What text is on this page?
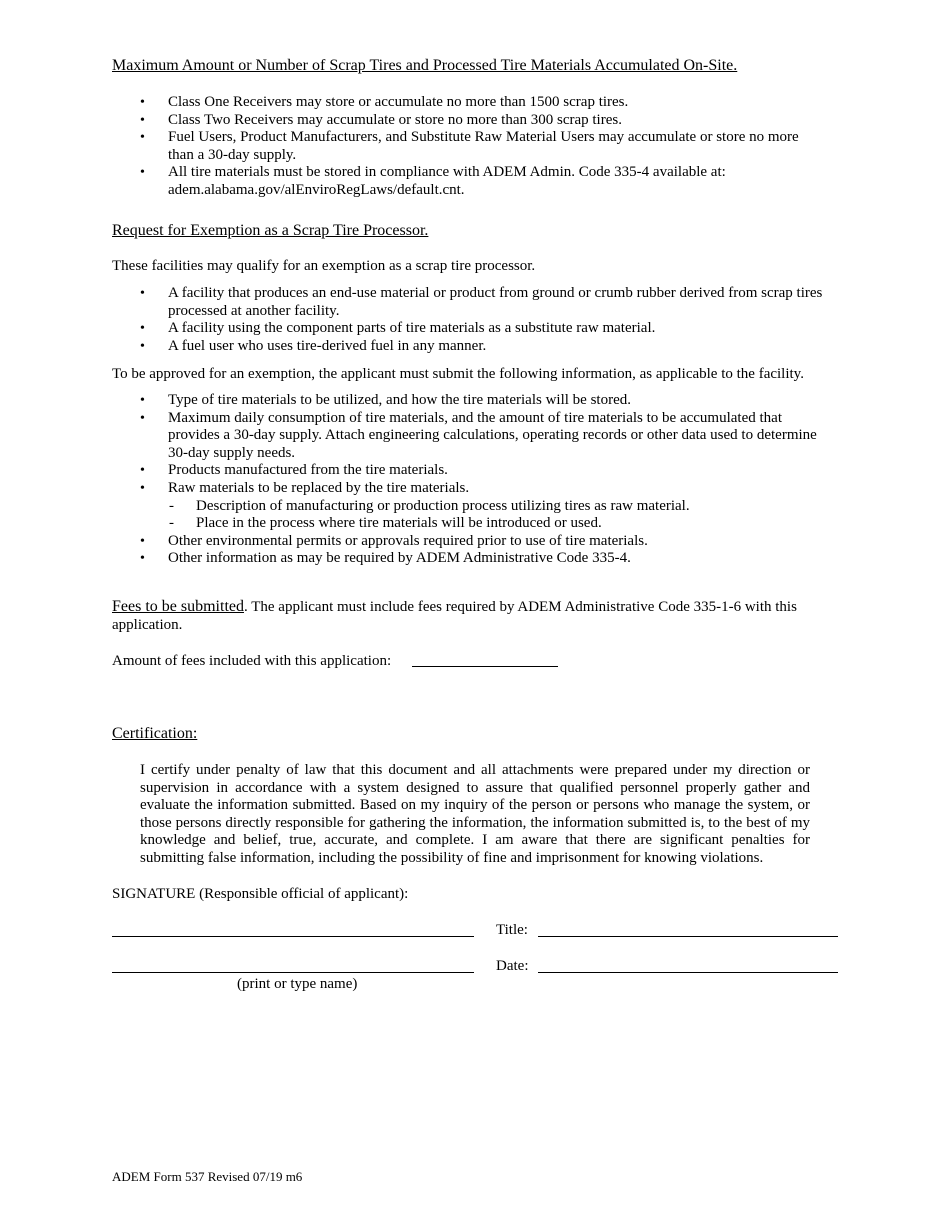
Maximum Amount or Number of Scrap Tires and Processed Tire Materials Accumulated On-Site.
• Class One Receivers may store or accumulate no more than 1500 scrap tires.
• Class Two Receivers may accumulate or store no more than 300 scrap tires.
• Fuel Users, Product Manufacturers, and Substitute Raw Material Users may accumulate or store no more than a 30-day supply.
• All tire materials must be stored in compliance with ADEM Admin. Code 335-4 available at: adem.alabama.gov/alEnviroRegLaws/default.cnt.
Request for Exemption as a Scrap Tire Processor.
These facilities may qualify for an exemption as a scrap tire processor.
• A facility that produces an end-use material or product from ground or crumb rubber derived from scrap tires processed at another facility.
• A facility using the component parts of tire materials as a substitute raw material.
• A fuel user who uses tire-derived fuel in any manner.
To be approved for an exemption, the applicant must submit the following information, as applicable to the facility.
• Type of tire materials to be utilized, and how the tire materials will be stored.
• Maximum daily consumption of tire materials, and the amount of tire materials to be accumulated that provides a 30-day supply. Attach engineering calculations, operating records or other data used to determine 30-day supply needs.
• Products manufactured from the tire materials.
• Raw materials to be replaced by the tire materials.
- Description of manufacturing or production process utilizing tires as raw material.
- Place in the process where tire materials will be introduced or used.
• Other environmental permits or approvals required prior to use of tire materials.
• Other information as may be required by ADEM Administrative Code 335-4.
Fees to be submitted. The applicant must include fees required by ADEM Administrative Code 335-1-6 with this application.
Amount of fees included with this application:
Certification:
I certify under penalty of law that this document and all attachments were prepared under my direction or supervision in accordance with a system designed to assure that qualified personnel properly gather and evaluate the information submitted. Based on my inquiry of the person or persons who manage the system, or those persons directly responsible for gathering the information, the information submitted is, to the best of my knowledge and belief, true, accurate, and complete. I am aware that there are significant penalties for submitting false information, including the possibility of fine and imprisonment for knowing violations.
SIGNATURE (Responsible official of applicant):
Title:
Date:
(print or type name)
ADEM Form 537 Revised 07/19 m6
